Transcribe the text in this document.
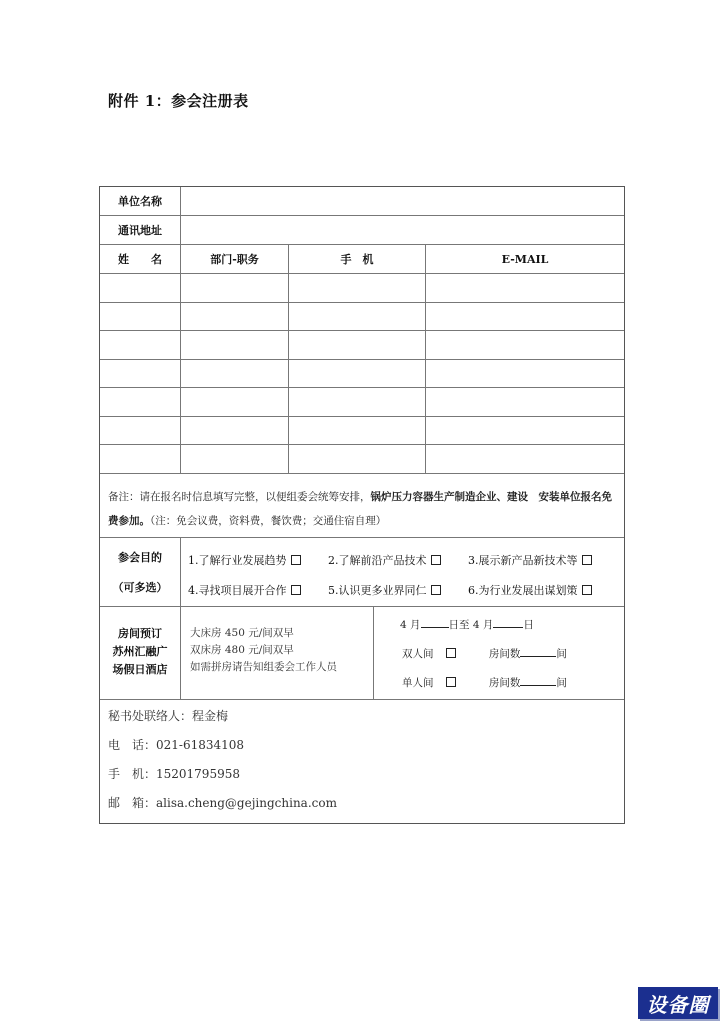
附件 1：参会注册表
单位名称
通讯地址
姓　　名	部门-职务	手　机	E-MAIL
备注：请在报名时信息填写完整，以便组委会统筹安排，锅炉压力容器生产制造企业、建设　安装单位报名免费参加。（注：免会议费，资料费，餐饮费；交通住宿自理）
参会目的
（可多选）
1.了解行业发展趋势	2.了解前沿产品技术	3.展示新产品新技术等
4.寻找项目展开合作	5.认识更多业界同仁	6.为行业发展出谋划策
房间预订
苏州汇融广
场假日酒店
大床房 450 元/间双早
双床房 480 元/间双早
如需拼房请告知组委会工作人员
4 月	日至 4 月	日
双人间	房间数	间
单人间	房间数	间
秘书处联络人：程金梅
电　话：021-61834108
手　机：15201795958
邮　箱：alisa.cheng@gejingchina.com
设备圈
